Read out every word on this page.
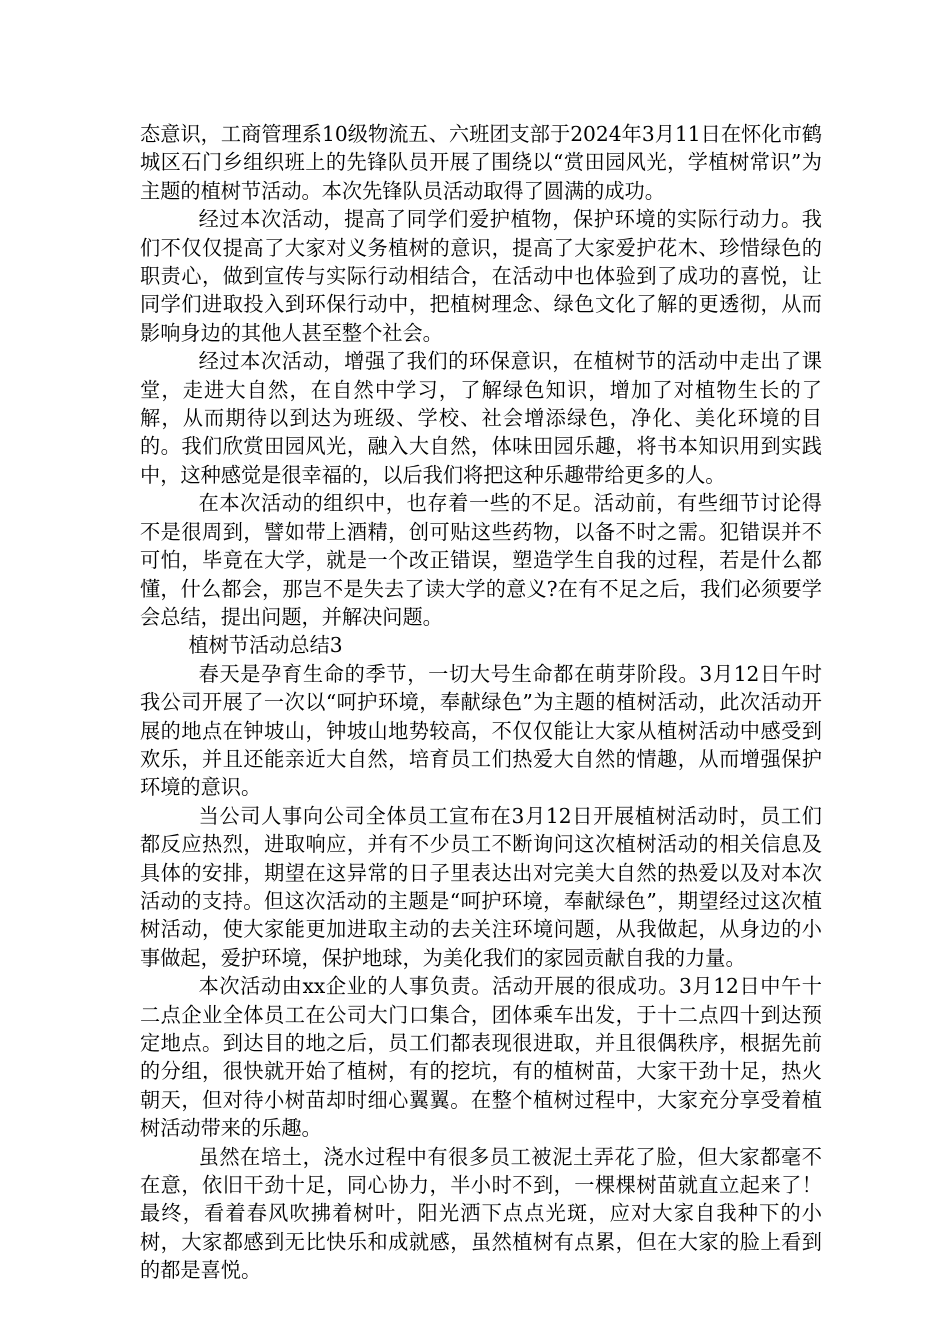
态意识，工商管理系10级物流五、六班团支部于2024年3月11日在怀化市鹤城区石门乡组织班上的先锋队员开展了围绕以“赏田园风光，学植树常识”为主题的植树节活动。本次先锋队员活动取得了圆满的成功。

经过本次活动，提高了同学们爱护植物，保护环境的实际行动力。我们不仅仅提高了大家对义务植树的意识，提高了大家爱护花木、珍惜绿色的职责心，做到宣传与实际行动相结合，在活动中也体验到了成功的喜悦，让同学们进取投入到环保行动中，把植树理念、绿色文化了解的更透彻，从而影响身边的其他人甚至整个社会。

经过本次活动，增强了我们的环保意识，在植树节的活动中走出了课堂，走进大自然，在自然中学习，了解绿色知识，增加了对植物生长的了解，从而期待以到达为班级、学校、社会增添绿色，净化、美化环境的目的。我们欣赏田园风光，融入大自然，体味田园乐趣，将书本知识用到实践中，这种感觉是很幸福的，以后我们将把这种乐趣带给更多的人。

在本次活动的组织中，也存着一些的不足。活动前，有些细节讨论得不是很周到，譬如带上酒精，创可贴这些药物，以备不时之需。犯错误并不可怕，毕竟在大学，就是一个改正错误，塑造学生自我的过程，若是什么都懂，什么都会，那岂不是失去了读大学的意义?在有不足之后，我们必须要学会总结，提出问题，并解决问题。

植树节活动总结3

春天是孕育生命的季节，一切大号生命都在萌芽阶段。3月12日午时我公司开展了一次以“呵护环境，奉献绿色”为主题的植树活动，此次活动开展的地点在钟坡山，钟坡山地势较高，不仅仅能让大家从植树活动中感受到欢乐，并且还能亲近大自然，培育员工们热爱大自然的情趣，从而增强保护环境的意识。

当公司人事向公司全体员工宣布在3月12日开展植树活动时，员工们都反应热烈，进取响应，并有不少员工不断询问这次植树活动的相关信息及具体的安排，期望在这异常的日子里表达出对完美大自然的热爱以及对本次活动的支持。但这次活动的主题是“呵护环境，奉献绿色”，期望经过这次植树活动，使大家能更加进取主动的去关注环境问题，从我做起，从身边的小事做起，爱护环境，保护地球，为美化我们的家园贡献自我的力量。

本次活动由xx企业的人事负责。活动开展的很成功。3月12日中午十二点企业全体员工在公司大门口集合，团体乘车出发，于十二点四十到达预定地点。到达目的地之后，员工们都表现很进取，并且很偶秩序，根据先前的分组，很快就开始了植树，有的挖坑，有的植树苗，大家干劲十足，热火朝天，但对待小树苗却时细心翼翼。在整个植树过程中，大家充分享受着植树活动带来的乐趣。

虽然在培土，浇水过程中有很多员工被泥土弄花了脸，但大家都毫不在意，依旧干劲十足，同心协力，半小时不到，一棵棵树苗就直立起来了！最终，看着春风吹拂着树叶，阳光洒下点点光斑，应对大家自我种下的小树，大家都感到无比快乐和成就感，虽然植树有点累，但在大家的脸上看到的都是喜悦。
